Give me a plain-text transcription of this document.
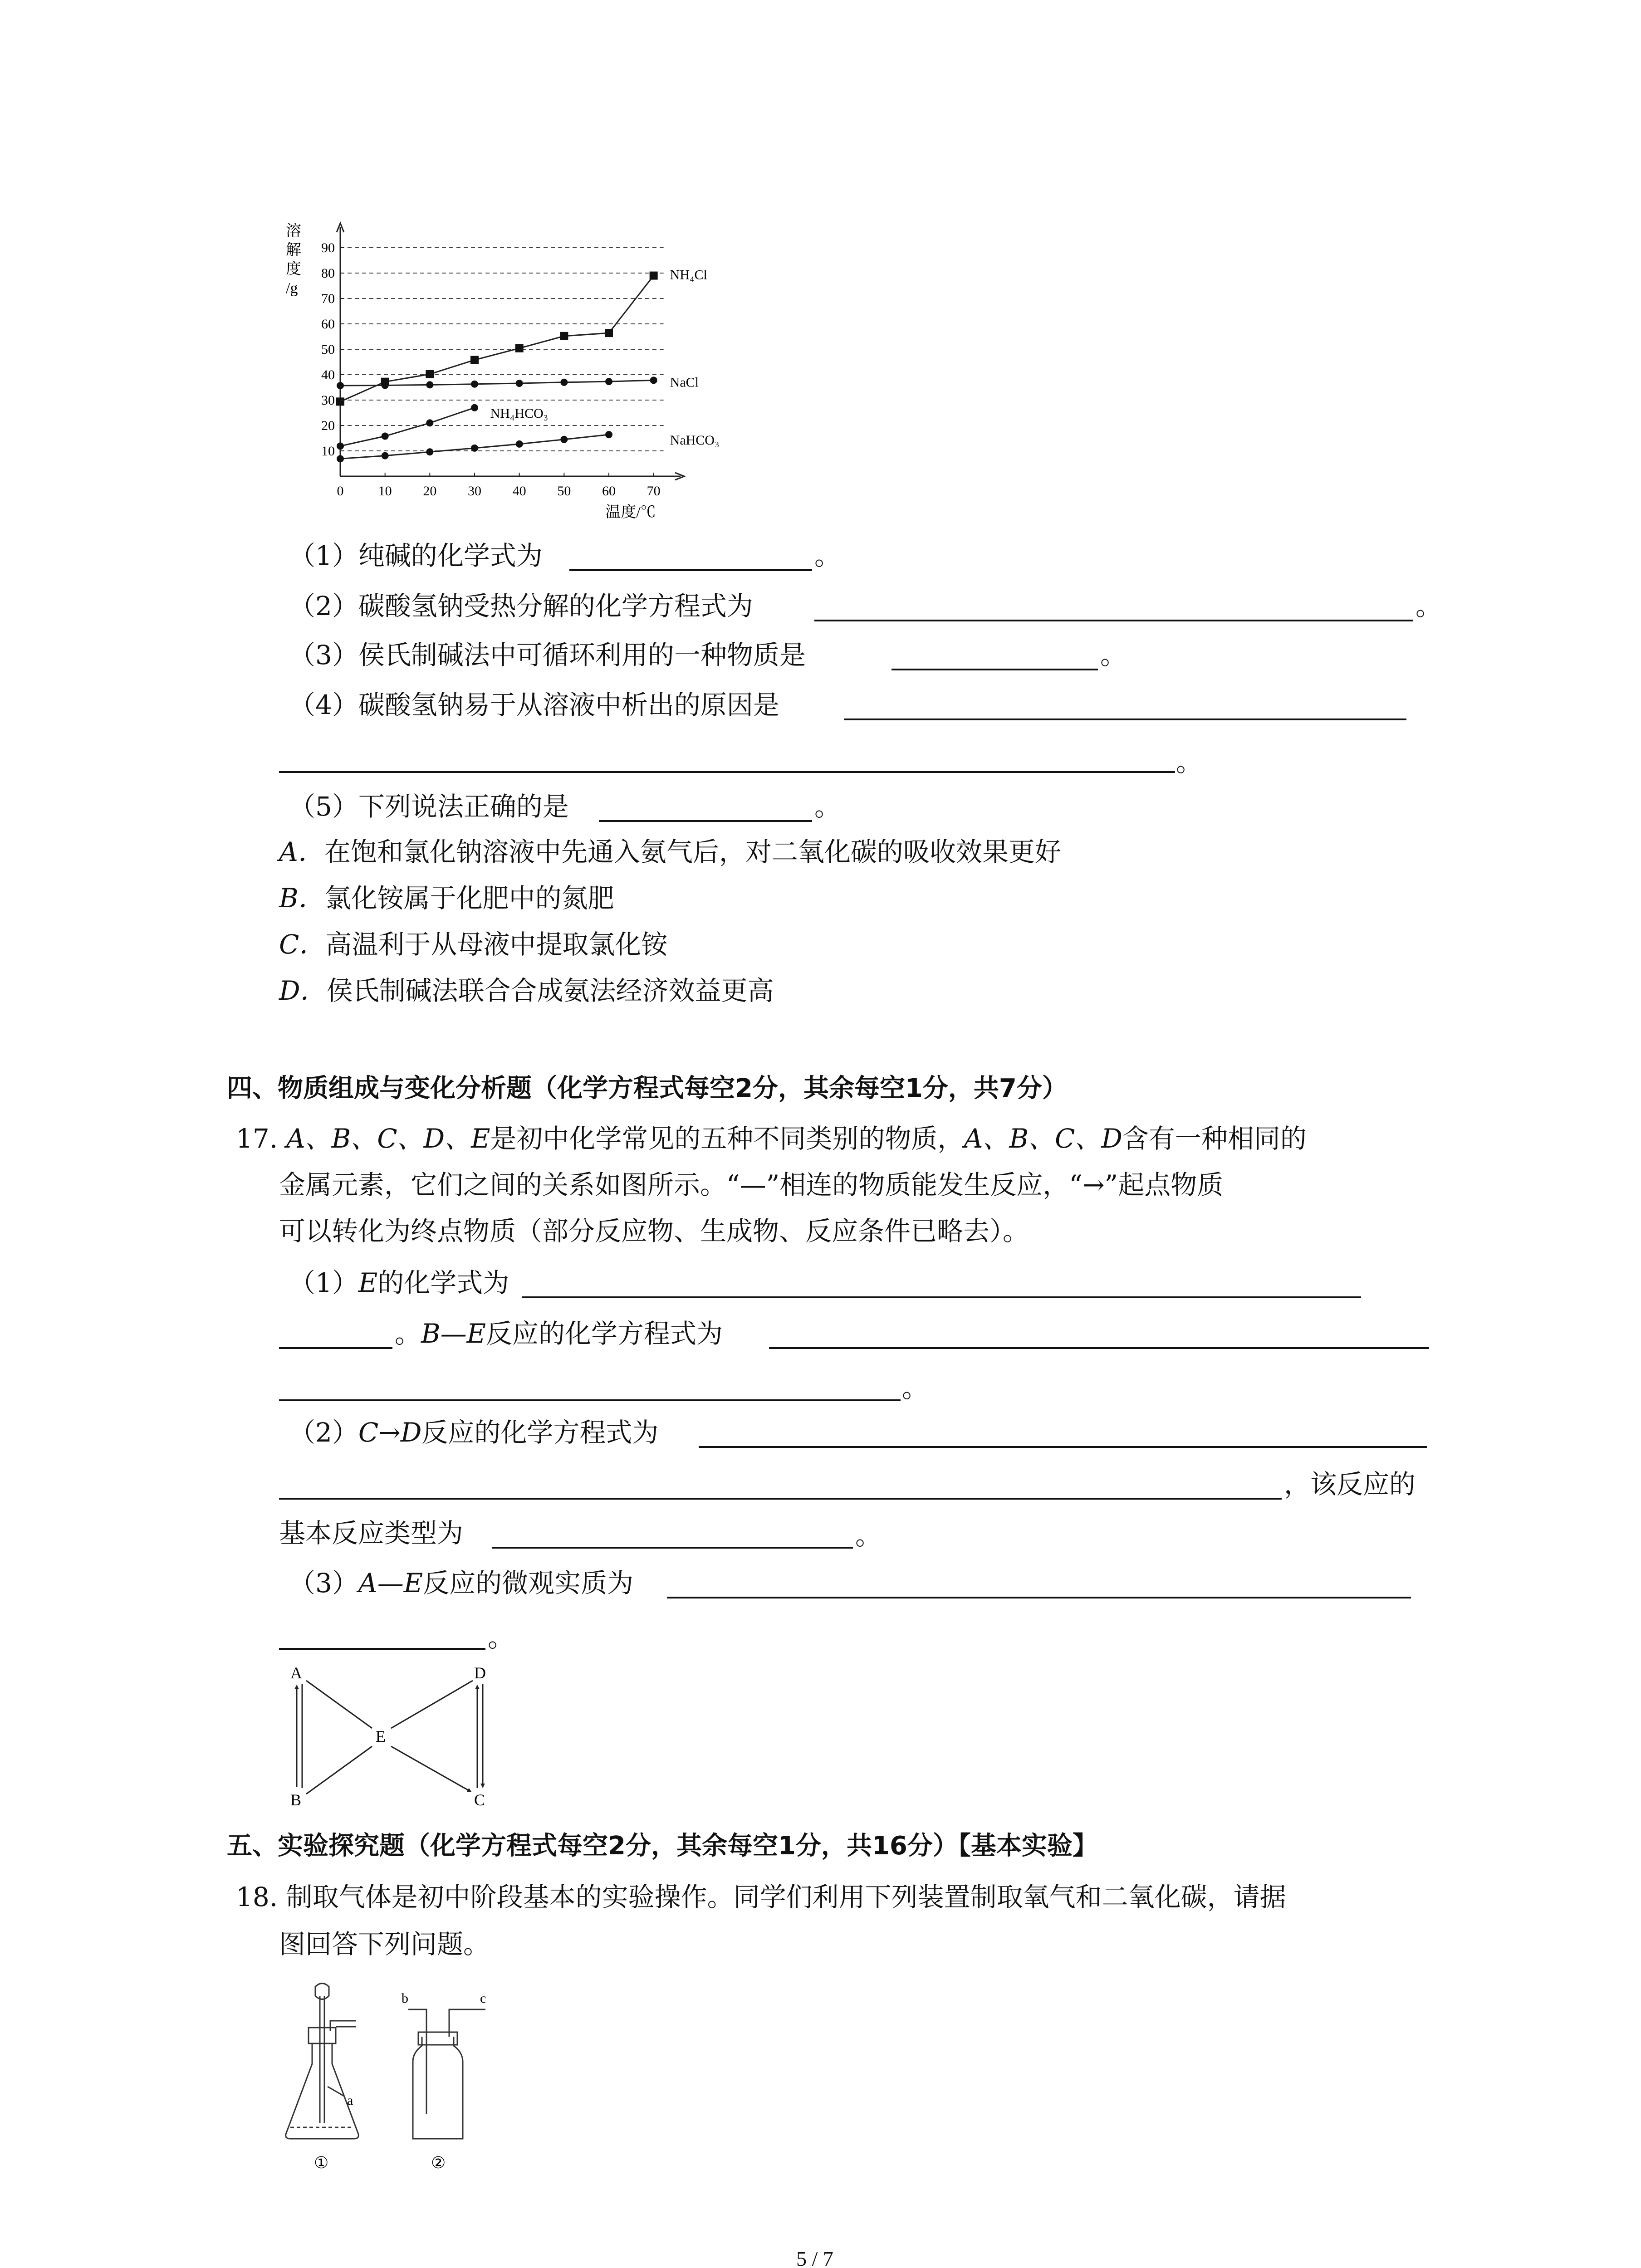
10
20
30
40
50
60
70
80
90
0	10 20 30 40 50 60 70
溶
解
度
/g
温度/℃
NH₄Cl
NaCl
NH₄HCO₃
NaHCO₃
（1）纯碱的化学式为	。
（2）碳酸氢钠受热分解的化学方程式为	。
（3）侯氏制碱法中可循环利用的一种物质是	。
（4）碳酸氢钠易于从溶液中析出的原因是
。
（5）下列说法正确的是	。
A．在饱和氯化钠溶液中先通入氨气后，对二氧化碳的吸收效果更好
B．氯化铵属于化肥中的氮肥
C．高温利于从母液中提取氯化铵
D．侯氏制碱法联合合成氨法经济效益更高
四、物质组成与变化分析题（化学方程式每空2分，其余每空1分，共7分）
17. A、B、C、D、E是初中化学常见的五种不同类别的物质，A、B、C、D含有一种相同的
金属元素，它们之间的关系如图所示。“—”相连的物质能发生反应，“→”起点物质
可以转化为终点物质（部分反应物、生成物、反应条件已略去）。
（1）E的化学式为
。B—E反应的化学方程式为
。
（2）C→D反应的化学方程式为
，该反应的
基本反应类型为	。
（3）A—E反应的微观实质为
。
A	D
E
B	C
五、实验探究题（化学方程式每空2分，其余每空1分，共16分）【基本实验】
18. 制取气体是初中阶段基本的实验操作。同学们利用下列装置制取氧气和二氧化碳，请据
图回答下列问题。
a
b	c
①	②
5 / 7
